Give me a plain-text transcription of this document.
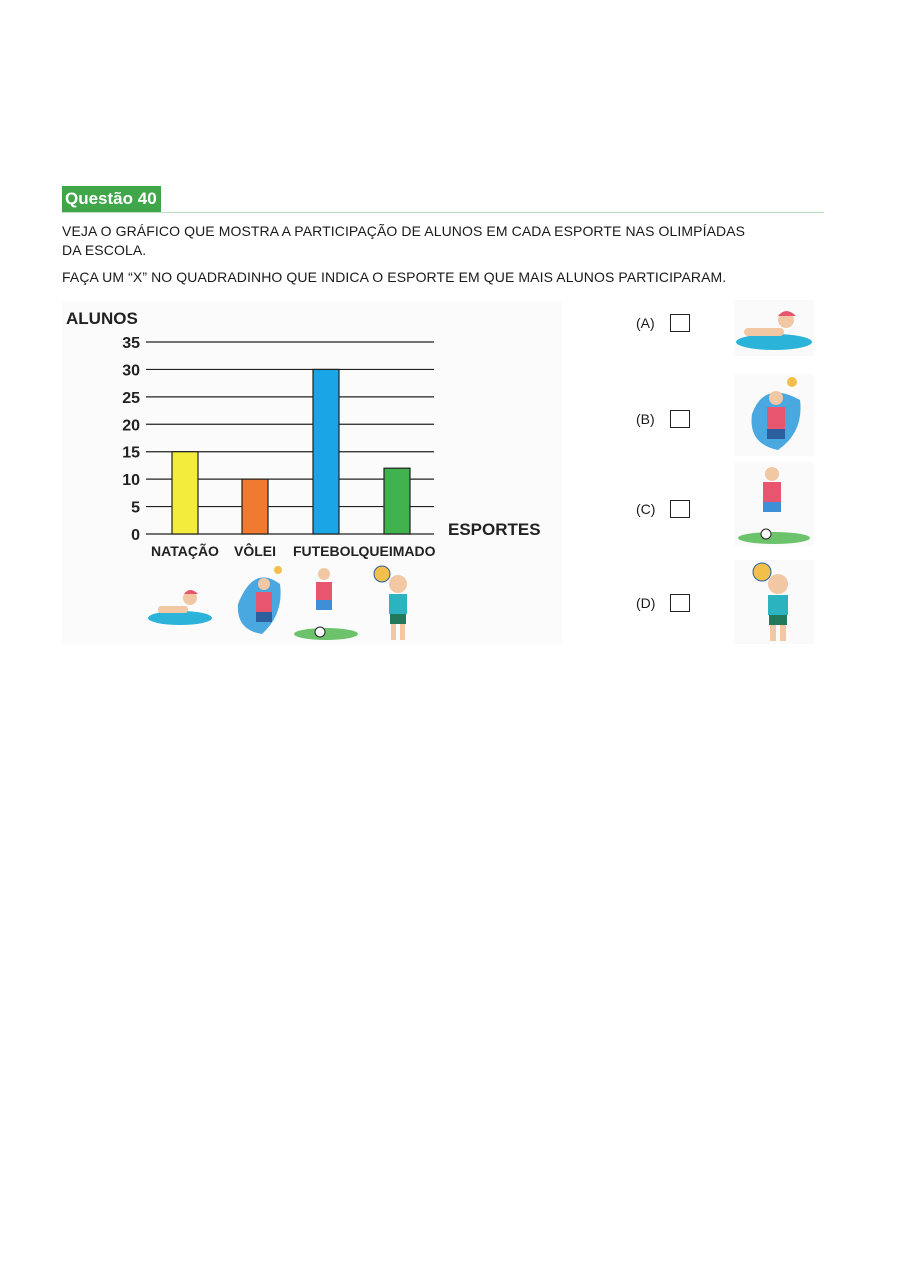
Questão 40
VEJA O GRÁFICO QUE MOSTRA A PARTICIPAÇÃO DE ALUNOS EM CADA ESPORTE NAS OLIMPÍADAS
DA ESCOLA.
FAÇA UM “X” NO QUADRADINHO QUE INDICA O ESPORTE EM QUE MAIS ALUNOS PARTICIPARAM.
0
5
10
15
20
25
30
35
NATAÇÃO VÔLEI FUTEBOL QUEIMADO
ALUNOS
ESPORTES
(A)
(B)
(C)
(D)
